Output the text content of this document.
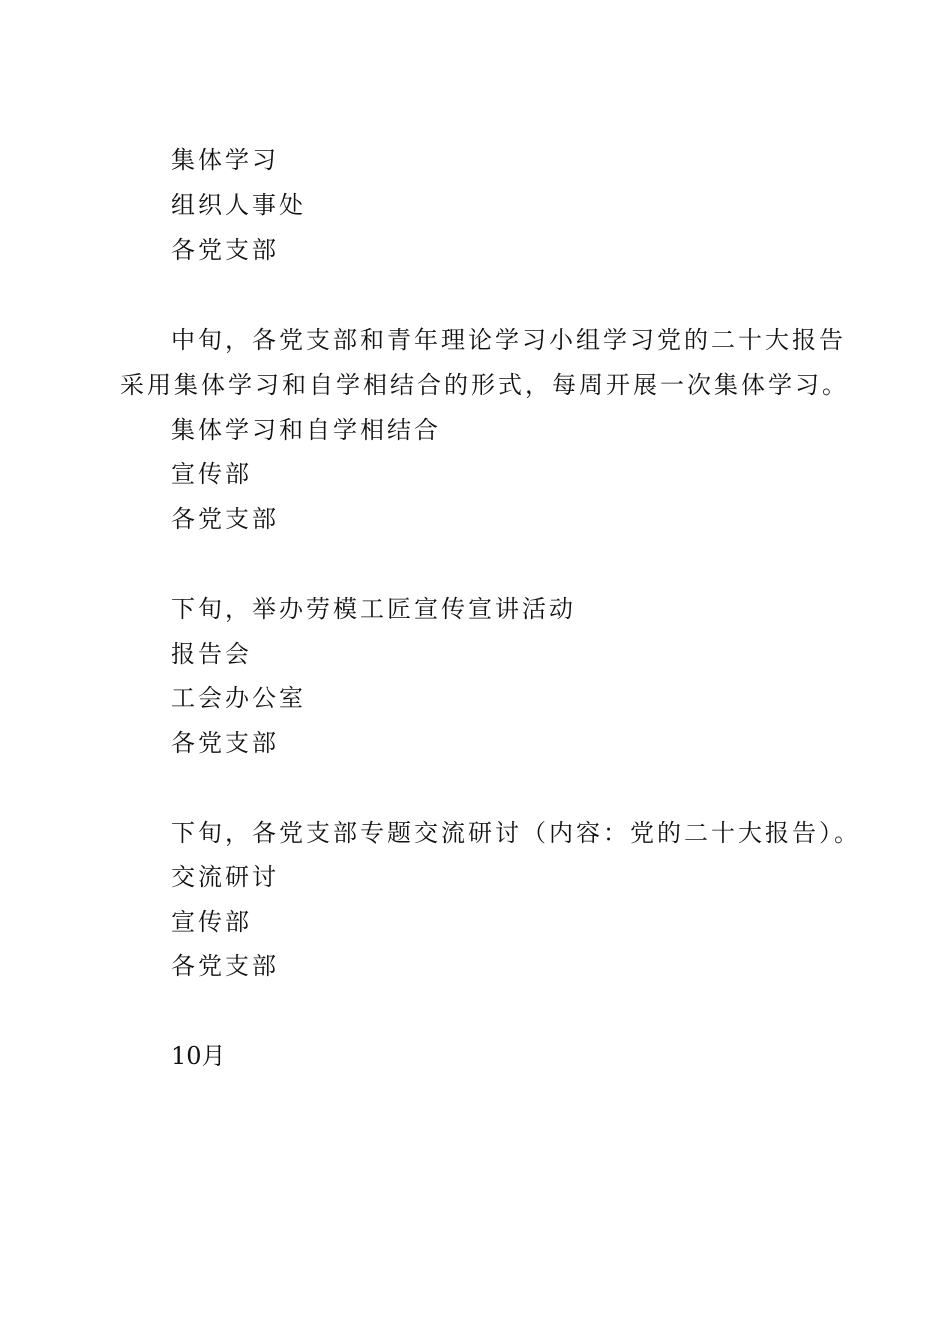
集体学习
组织人事处
各党支部
中旬，各党支部和青年理论学习小组学习党的二十大报告
采用集体学习和自学相结合的形式，每周开展一次集体学习。
集体学习和自学相结合
宣传部
各党支部
下旬，举办劳模工匠宣传宣讲活动
报告会
工会办公室
各党支部
下旬，各党支部专题交流研讨（内容：党的二十大报告）。
交流研讨
宣传部
各党支部
10月
